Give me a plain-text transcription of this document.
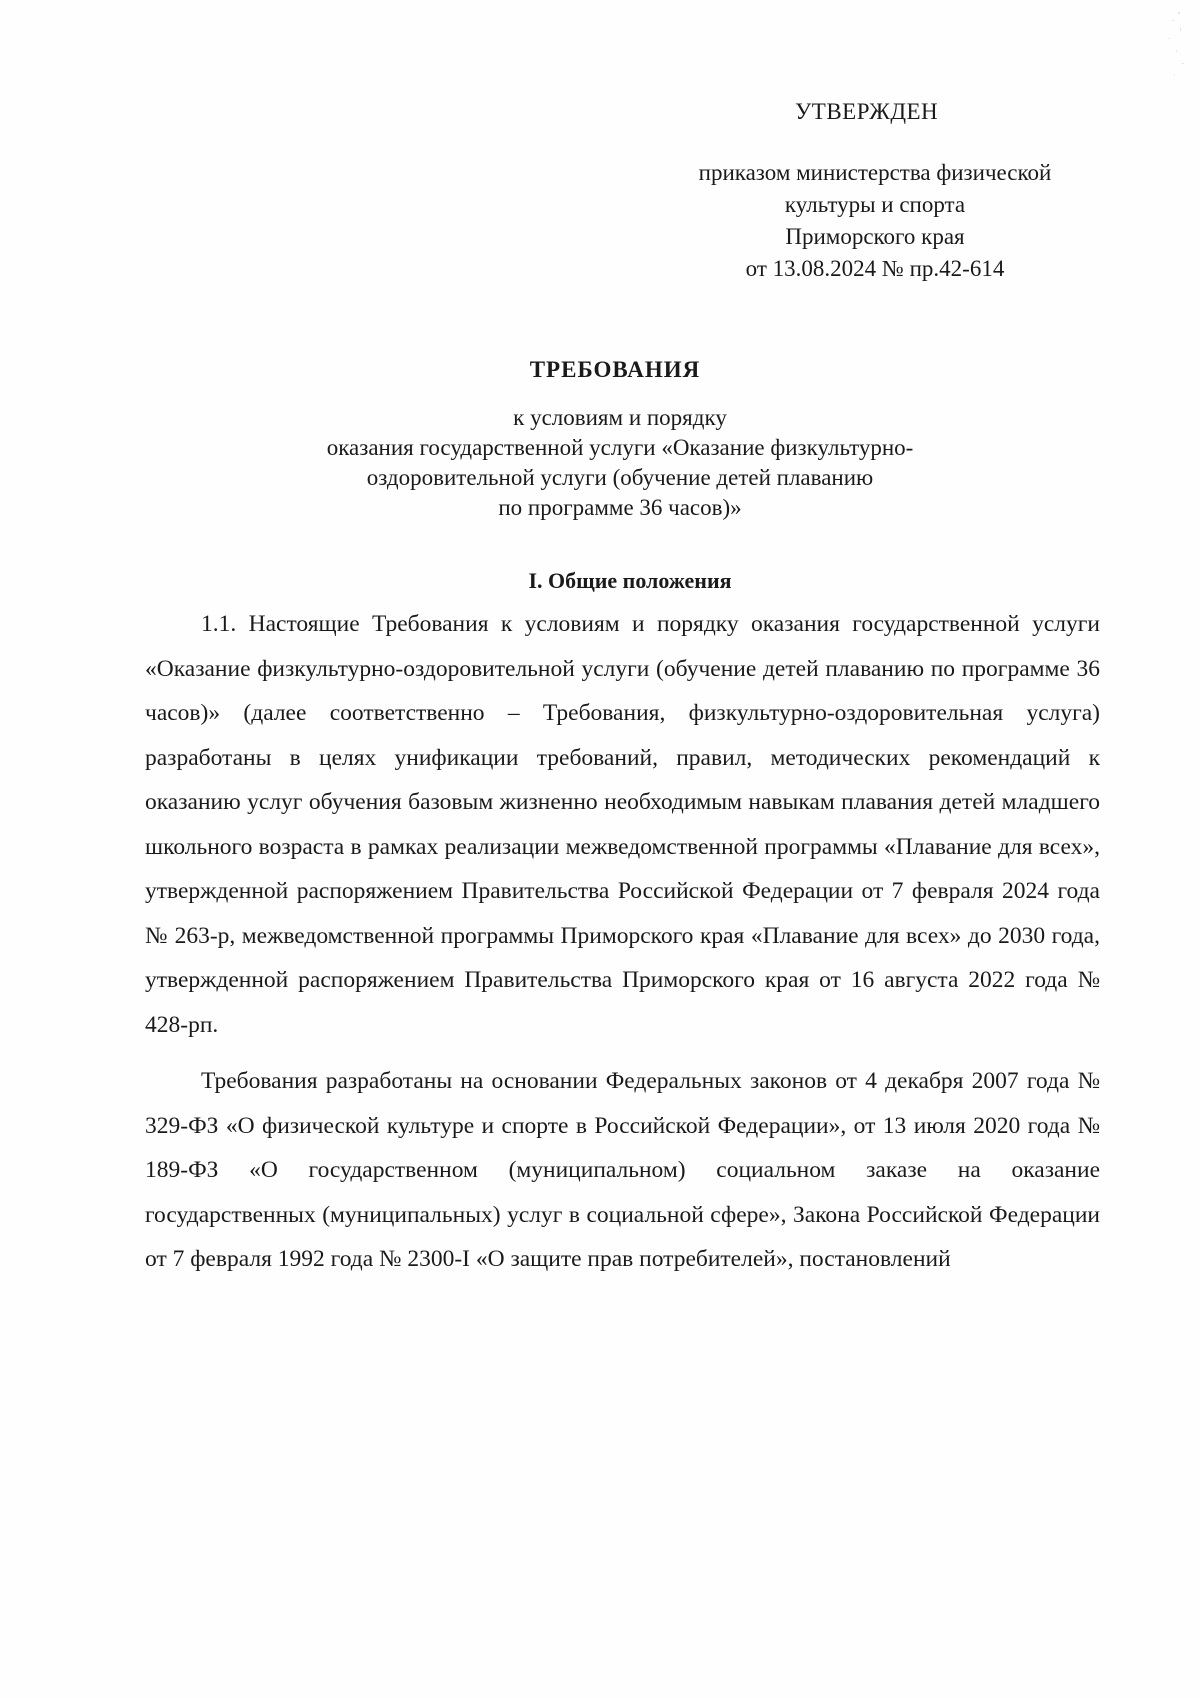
УТВЕРЖДЕН
приказом министерства физической
культуры и спорта
Приморского края
от 13.08.2024 № пр.42-614
ТРЕБОВАНИЯ
к условиям и порядку
оказания государственной услуги «Оказание физкультурно-
оздоровительной услуги (обучение детей плаванию
по программе 36 часов)»
I. Общие положения

1.1. Настоящие Требования к условиям и порядку оказания государственной услуги «Оказание физкультурно-оздоровительной услуги (обучение детей плаванию по программе 36 часов)» (далее соответственно – Требования, физкультурно-оздоровительная услуга) разработаны в целях унификации требований, правил, методических рекомендаций к оказанию услуг обучения базовым жизненно необходимым навыкам плавания детей младшего школьного возраста в рамках реализации межведомственной программы «Плавание для всех», утвержденной распоряжением Правительства Российской Федерации от 7 февраля 2024 года № 263-р, межведомственной программы Приморского края «Плавание для всех» до 2030 года, утвержденной распоряжением Правительства Приморского края от 16 августа 2022 года № 428-рп.

Требования разработаны на основании Федеральных законов от 4 декабря 2007 года № 329-ФЗ «О физической культуре и спорте в Российской Федерации», от 13 июля 2020 года № 189-ФЗ «О государственном (муниципальном) социальном заказе на оказание государственных (муниципальных) услуг в социальной сфере», Закона Российской Федерации от 7 февраля 1992 года № 2300-I «О защите прав потребителей», постановлений
